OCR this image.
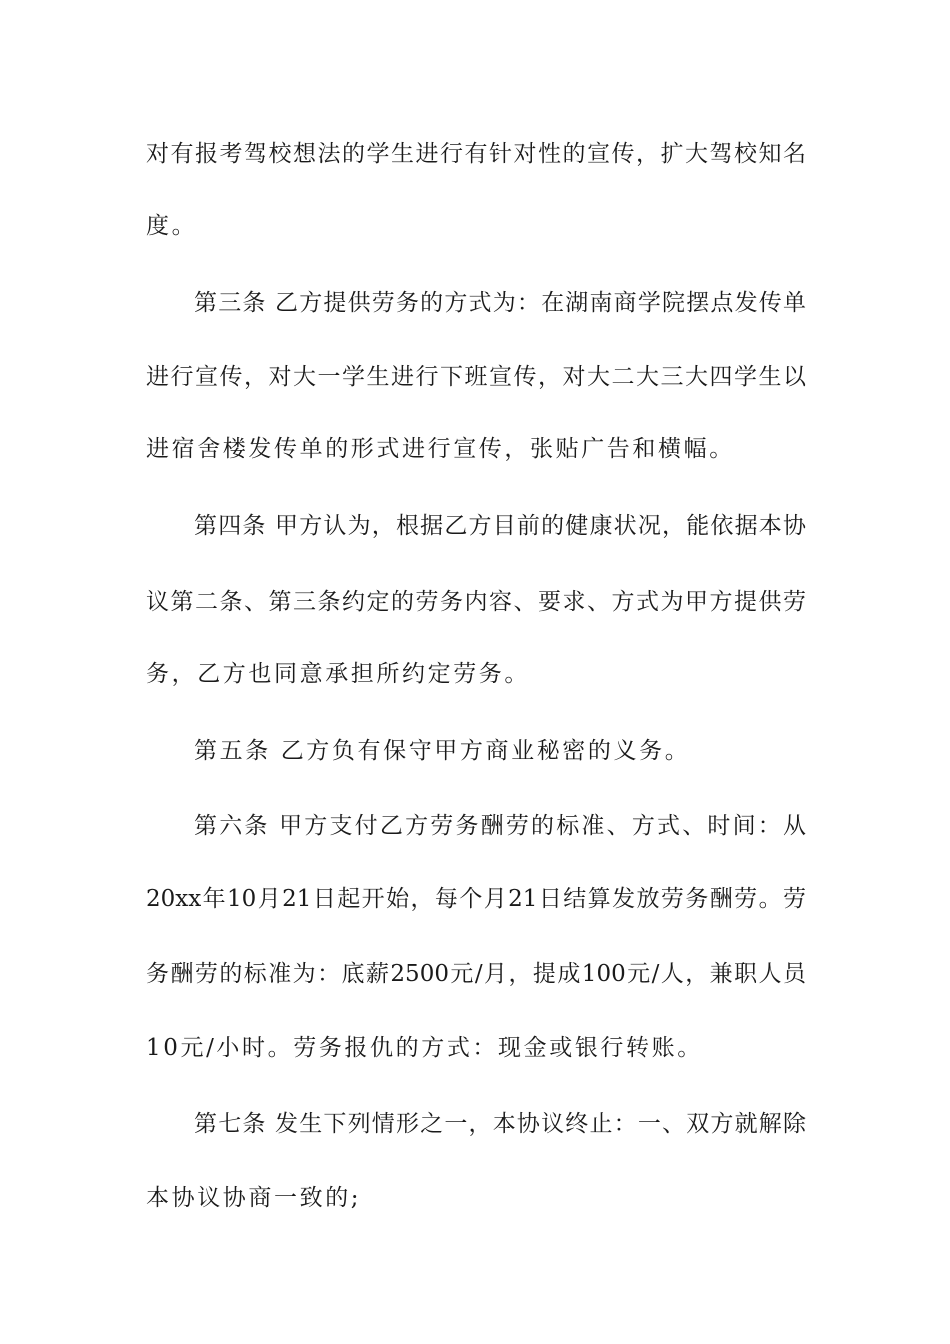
对有报考驾校想法的学生进行有针对性的宣传，扩大驾校知名
度。
第三条 乙方提供劳务的方式为：在湖南商学院摆点发传单
进行宣传，对大一学生进行下班宣传，对大二大三大四学生以
进宿舍楼发传单的形式进行宣传，张贴广告和横幅。
第四条 甲方认为，根据乙方目前的健康状况，能依据本协
议第二条、第三条约定的劳务内容、要求、方式为甲方提供劳
务，乙方也同意承担所约定劳务。
第五条 乙方负有保守甲方商业秘密的义务。
第六条 甲方支付乙方劳务酬劳的标准、方式、时间：从
20xx年10月21日起开始，每个月21日结算发放劳务酬劳。劳
务酬劳的标准为：底薪2500元/月，提成100元/人，兼职人员
10元/小时。劳务报仇的方式：现金或银行转账。
第七条 发生下列情形之一，本协议终止：一、双方就解除
本协议协商一致的;
